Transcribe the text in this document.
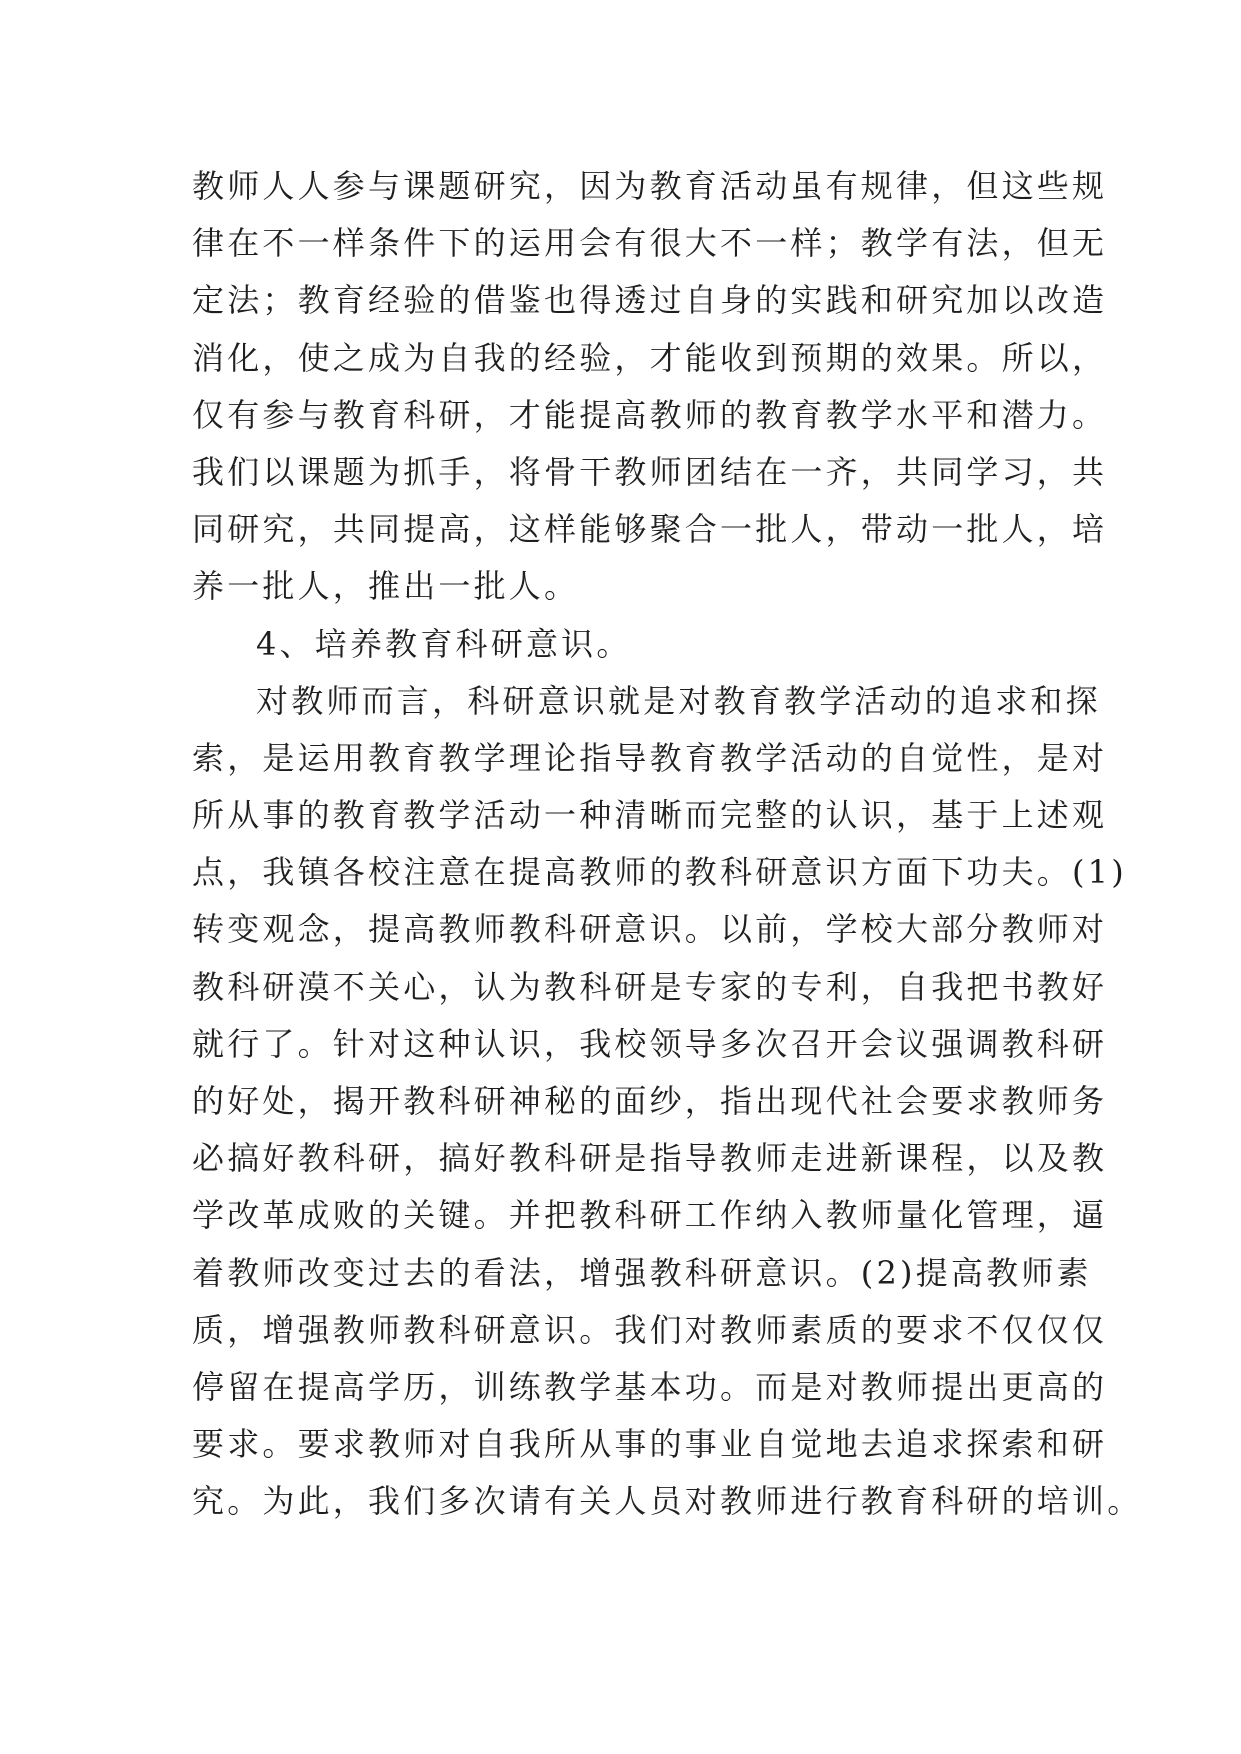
教师人人参与课题研究，因为教育活动虽有规律，但这些规
律在不一样条件下的运用会有很大不一样；教学有法，但无
定法；教育经验的借鉴也得透过自身的实践和研究加以改造
消化，使之成为自我的经验，才能收到预期的效果。所以，
仅有参与教育科研，才能提高教师的教育教学水平和潜力。
我们以课题为抓手，将骨干教师团结在一齐，共同学习，共
同研究，共同提高，这样能够聚合一批人，带动一批人，培
养一批人，推出一批人。
4、培养教育科研意识。
对教师而言，科研意识就是对教育教学活动的追求和探
索，是运用教育教学理论指导教育教学活动的自觉性，是对
所从事的教育教学活动一种清晰而完整的认识，基于上述观
点，我镇各校注意在提高教师的教科研意识方面下功夫。(1)
转变观念，提高教师教科研意识。以前，学校大部分教师对
教科研漠不关心，认为教科研是专家的专利，自我把书教好
就行了。针对这种认识，我校领导多次召开会议强调教科研
的好处，揭开教科研神秘的面纱，指出现代社会要求教师务
必搞好教科研，搞好教科研是指导教师走进新课程，以及教
学改革成败的关键。并把教科研工作纳入教师量化管理，逼
着教师改变过去的看法，增强教科研意识。(2)提高教师素
质，增强教师教科研意识。我们对教师素质的要求不仅仅仅
停留在提高学历，训练教学基本功。而是对教师提出更高的
要求。要求教师对自我所从事的事业自觉地去追求探索和研
究。为此，我们多次请有关人员对教师进行教育科研的培训。
